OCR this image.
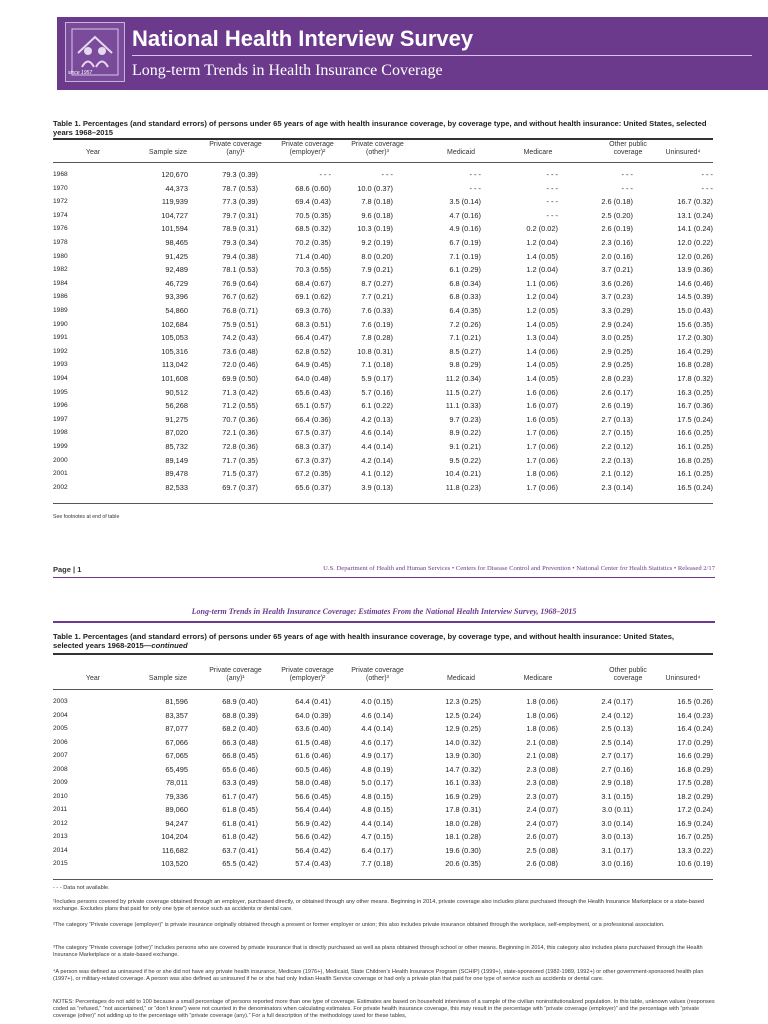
since 1957
National Health Interview Survey
Long-term Trends in Health Insurance Coverage
Table 1. Percentages (and standard errors) of persons under 65 years of age with health insurance coverage, by coverage type, and without health insurance: United States, selected years 1968–2015
Year	Sample size
Private coverage
(any)¹
Private coverage
(employer)²
Private coverage
(other)³	Medicaid	Medicare
Other public
coverage	Uninsured⁴
1968	120,670	79.3 (0.39)	- - -	- - -	- - -	- - -	- - -	- - -
1970	44,373	78.7 (0.53)	68.6 (0.60)	10.0 (0.37)	- - -	- - -	- - -	- - -
1972	119,939	77.3 (0.39)	69.4 (0.43)	7.8 (0.18)	3.5 (0.14)	- - -	2.6 (0.18)	16.7 (0.32)
1974	104,727	79.7 (0.31)	70.5 (0.35)	9.6 (0.18)	4.7 (0.16)	- - -	2.5 (0.20)	13.1 (0.24)
1976	101,594	78.9 (0.31)	68.5 (0.32)	10.3 (0.19)	4.9 (0.16)	0.2 (0.02)	2.6 (0.19)	14.1 (0.24)
1978	98,465	79.3 (0.34)	70.2 (0.35)	9.2 (0.19)	6.7 (0.19)	1.2 (0.04)	2.3 (0.16)	12.0 (0.22)
1980	91,425	79.4 (0.38)	71.4 (0.40)	8.0 (0.20)	7.1 (0.19)	1.4 (0.05)	2.0 (0.16)	12.0 (0.26)
1982	92,489	78.1 (0.53)	70.3 (0.55)	7.9 (0.21)	6.1 (0.29)	1.2 (0.04)	3.7 (0.21)	13.9 (0.36)
1984	46,729	76.9 (0.64)	68.4 (0.67)	8.7 (0.27)	6.8 (0.34)	1.1 (0.06)	3.6 (0.26)	14.6 (0.46)
1986	93,396	76.7 (0.62)	69.1 (0.62)	7.7 (0.21)	6.8 (0.33)	1.2 (0.04)	3.7 (0.23)	14.5 (0.39)
1989	54,860	76.8 (0.71)	69.3 (0.76)	7.6 (0.33)	6.4 (0.35)	1.2 (0.05)	3.3 (0.29)	15.0 (0.43)
1990	102,684	75.9 (0.51)	68.3 (0.51)	7.6 (0.19)	7.2 (0.26)	1.4 (0.05)	2.9 (0.24)	15.6 (0.35)
1991	105,053	74.2 (0.43)	66.4 (0.47)	7.8 (0.28)	7.1 (0.21)	1.3 (0.04)	3.0 (0.25)	17.2 (0.30)
1992	105,316	73.6 (0.48)	62.8 (0.52)	10.8 (0.31)	8.5 (0.27)	1.4 (0.06)	2.9 (0.25)	16.4 (0.29)
1993	113,042	72.0 (0.46)	64.9 (0.45)	7.1 (0.18)	9.8 (0.29)	1.4 (0.05)	2.9 (0.25)	16.8 (0.28)
1994	101,608	69.9 (0.50)	64.0 (0.48)	5.9 (0.17)	11.2 (0.34)	1.4 (0.05)	2.8 (0.23)	17.8 (0.32)
1995	90,512	71.3 (0.42)	65.6 (0.43)	5.7 (0.16)	11.5 (0.27)	1.6 (0.06)	2.6 (0.17)	16.3 (0.25)
1996	56,268	71.2 (0.55)	65.1 (0.57)	6.1 (0.22)	11.1 (0.33)	1.6 (0.07)	2.6 (0.19)	16.7 (0.36)
1997	91,275	70.7 (0.36)	66.4 (0.36)	4.2 (0.13)	9.7 (0.23)	1.6 (0.05)	2.7 (0.13)	17.5 (0.24)
1998	87,020	72.1 (0.36)	67.5 (0.37)	4.6 (0.14)	8.9 (0.22)	1.7 (0.06)	2.7 (0.15)	16.6 (0.25)
1999	85,732	72.8 (0.36)	68.3 (0.37)	4.4 (0.14)	9.1 (0.21)	1.7 (0.06)	2.2 (0.12)	16.1 (0.25)
2000	89,149	71.7 (0.35)	67.3 (0.37)	4.2 (0.14)	9.5 (0.22)	1.7 (0.06)	2.2 (0.13)	16.8 (0.25)
2001	89,478	71.5 (0.37)	67.2 (0.35)	4.1 (0.12)	10.4 (0.21)	1.8 (0.06)	2.1 (0.12)	16.1 (0.25)
2002	82,533	69.7 (0.37)	65.6 (0.37)	3.9 (0.13)	11.8 (0.23)	1.7 (0.06)	2.3 (0.14)	16.5 (0.24)
See footnotes at end of table
Page | 1	U.S. Department of Health and Human Services • Centers for Disease Control and Prevention • National Center for Health Statistics • Released 2/17
Long-term Trends in Health Insurance Coverage: Estimates From the National Health Interview Survey, 1968–2015
Table 1. Percentages (and standard errors) of persons under 65 years of age with health insurance coverage, by coverage type, and without health insurance: United States,
selected years 1968-2015—continued
Year	Sample size
Private coverage
(any)¹
Private coverage
(employer)²
Private coverage
(other)³	Medicaid	Medicare
Other public
coverage	Uninsured⁴
2003	81,596	68.9 (0.40)	64.4 (0.41)	4.0 (0.15)	12.3 (0.25)	1.8 (0.06)	2.4 (0.17)	16.5 (0.26)
2004	83,357	68.8 (0.39)	64.0 (0.39)	4.6 (0.14)	12.5 (0.24)	1.8 (0.06)	2.4 (0.12)	16.4 (0.23)
2005	87,077	68.2 (0.40)	63.6 (0.40)	4.4 (0.14)	12.9 (0.25)	1.8 (0.06)	2.5 (0.13)	16.4 (0.24)
2006	67,066	66.3 (0.48)	61.5 (0.48)	4.6 (0.17)	14.0 (0.32)	2.1 (0.08)	2.5 (0.14)	17.0 (0.29)
2007	67,065	66.8 (0.45)	61.6 (0.46)	4.9 (0.17)	13.9 (0.30)	2.1 (0.08)	2.7 (0.17)	16.6 (0.29)
2008	65,495	65.6 (0.46)	60.5 (0.46)	4.8 (0.19)	14.7 (0.32)	2.3 (0.08)	2.7 (0.16)	16.8 (0.29)
2009	78,011	63.3 (0.49)	58.0 (0.48)	5.0 (0.17)	16.1 (0.33)	2.3 (0.08)	2.9 (0.18)	17.5 (0.28)
2010	79,336	61.7 (0.47)	56.6 (0.45)	4.8 (0.15)	16.9 (0.29)	2.3 (0.07)	3.1 (0.15)	18.2 (0.29)
2011	89,060	61.8 (0.45)	56.4 (0.44)	4.8 (0.15)	17.8 (0.31)	2.4 (0.07)	3.0 (0.11)	17.2 (0.24)
2012	94,247	61.8 (0.41)	56.9 (0.42)	4.4 (0.14)	18.0 (0.28)	2.4 (0.07)	3.0 (0.14)	16.9 (0.24)
2013	104,204	61.8 (0.42)	56.6 (0.42)	4.7 (0.15)	18.1 (0.28)	2.6 (0.07)	3.0 (0.13)	16.7 (0.25)
2014	116,682	63.7 (0.41)	56.4 (0.42)	6.4 (0.17)	19.6 (0.30)	2.5 (0.08)	3.1 (0.17)	13.3 (0.22)
2015	103,520	65.5 (0.42)	57.4 (0.43)	7.7 (0.18)	20.6 (0.35)	2.6 (0.08)	3.0 (0.16)	10.6 (0.19)
- - - Data not available.
¹Includes persons covered by private coverage obtained through an employer, purchased directly, or obtained through any other means. Beginning in 2014, private coverage also includes plans purchased through the Health Insurance Marketplace or a state-based exchange. Excludes plans that paid for only one type of service such as accidents or dental care.
²The category “Private coverage (employer)” is private insurance originally obtained through a present or former employer or union; this also includes private insurance obtained through the workplace, self-employment, or a professional association.
³The category “Private coverage (other)” includes persons who are covered by private insurance that is directly purchased as well as plans obtained through school or other means. Beginning in 2014, this category also includes plans purchased through the Health Insurance Marketplace or a state-based exchange.
⁴A person was defined as uninsured if he or she did not have any private health insurance, Medicare (1976+), Medicaid, State Children’s Health Insurance Program (SCHIP) (1999+), state-sponsored (1982-1989, 1992+) or other government-sponsored health plan (1997+), or military-related coverage. A person was also defined as uninsured if he or she had only Indian Health Service coverage or had only a private plan that paid for one type of service such as accidents or dental care.
NOTES: Percentages do not add to 100 because a small percentage of persons reported more than one type of coverage. Estimates are based on household interviews of a sample of the civilian noninstitutionalized population. In this table, unknown values (responses coded as “refused,” “not ascertained,” or “don’t know”) were not counted in the denominators when calculating estimates. For private health insurance coverage, this may result in the percentage with “private coverage (employer)” and the percentage with “private coverage (other)” not adding up to the percentage with “private coverage (any).” For a full description of the methodology used for these tables,
